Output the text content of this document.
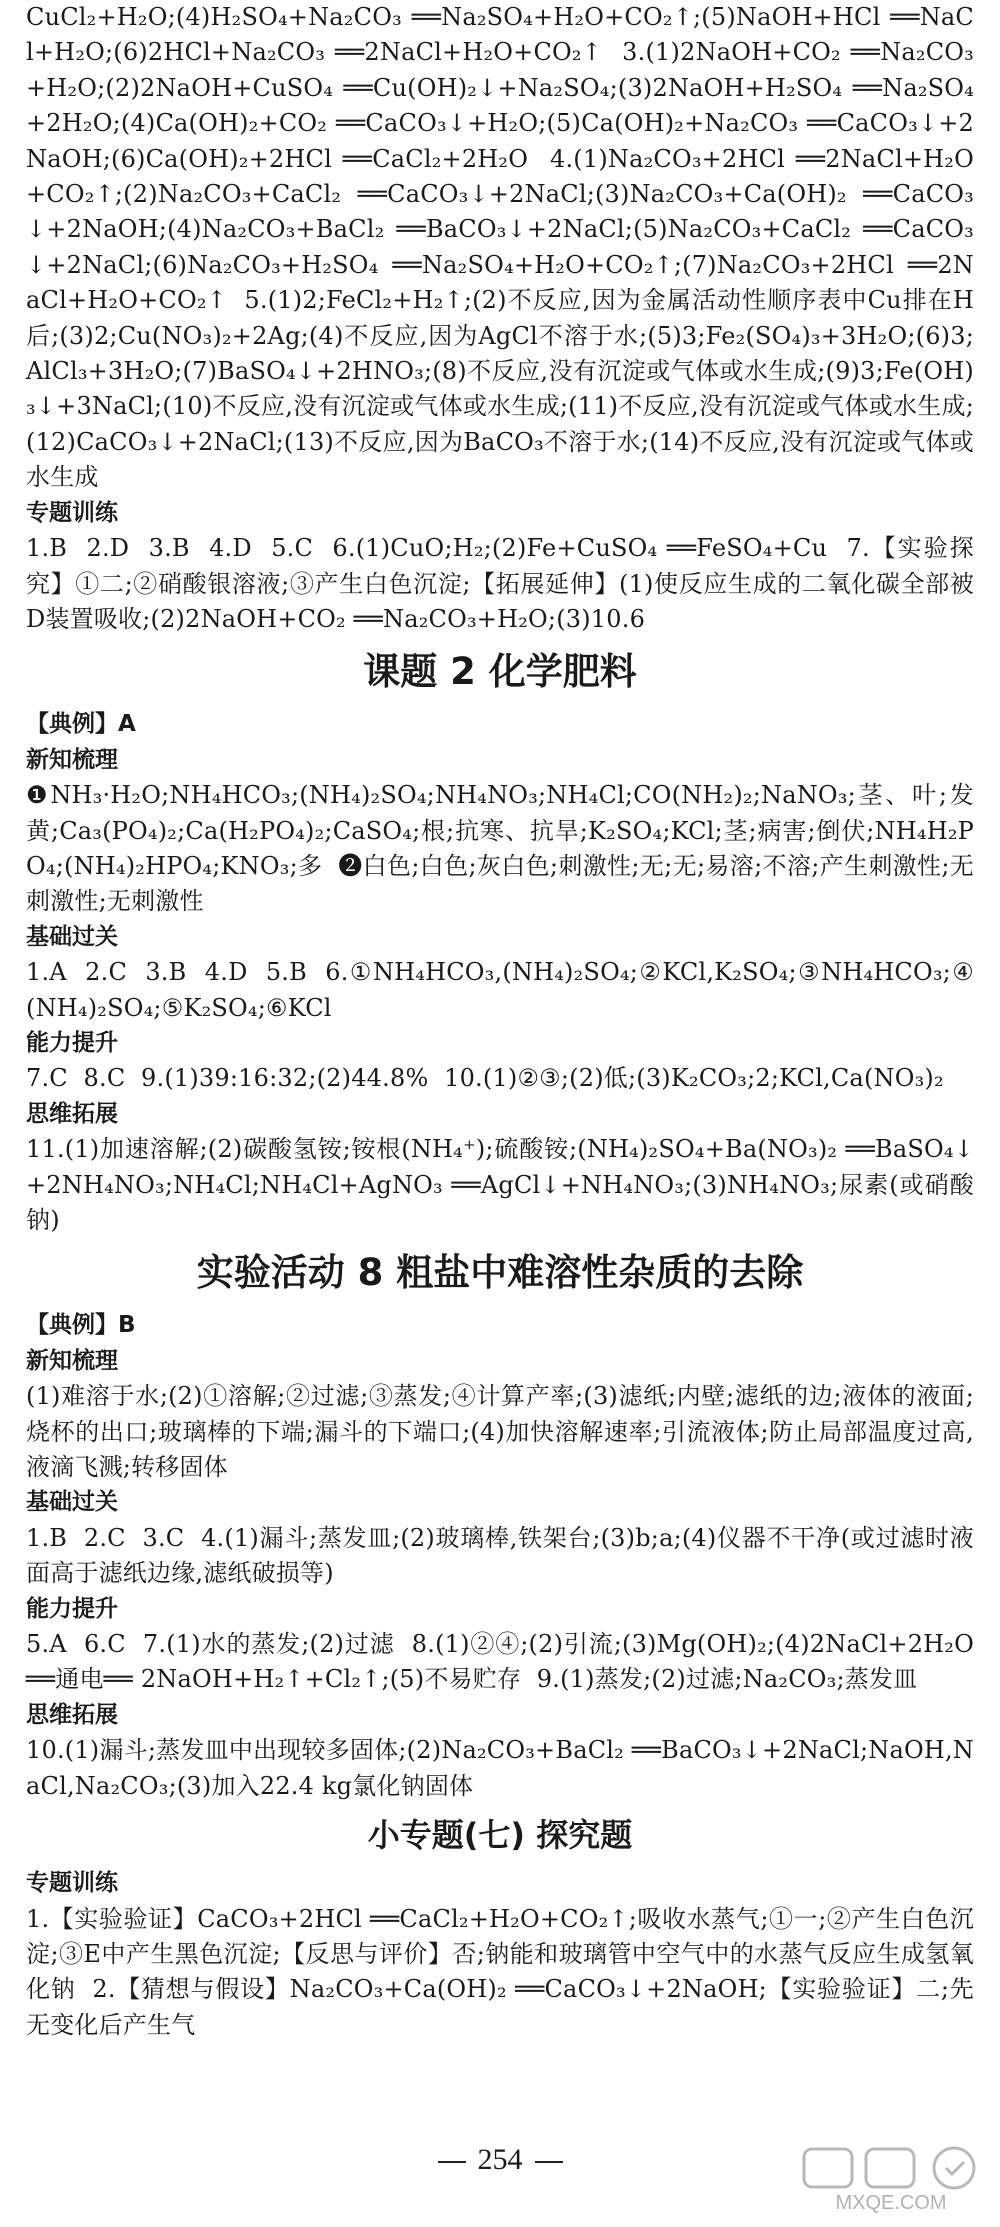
CuCl₂+H₂O;(4)H₂SO₄+Na₂CO₃ ══Na₂SO₄+H₂O+CO₂↑;(5)NaOH+HCl ══NaCl+H₂O;(6)2HCl+Na₂CO₃ ══2NaCl+H₂O+CO₂↑  3.(1)2NaOH+CO₂ ══Na₂CO₃+H₂O;(2)2NaOH+CuSO₄ ══Cu(OH)₂↓+Na₂SO₄;(3)2NaOH+H₂SO₄ ══Na₂SO₄+2H₂O;(4)Ca(OH)₂+CO₂ ══CaCO₃↓+H₂O;(5)Ca(OH)₂+Na₂CO₃ ══CaCO₃↓+2NaOH;(6)Ca(OH)₂+2HCl ══CaCl₂+2H₂O  4.(1)Na₂CO₃+2HCl ══2NaCl+H₂O+CO₂↑;(2)Na₂CO₃+CaCl₂ ══CaCO₃↓+2NaCl;(3)Na₂CO₃+Ca(OH)₂ ══CaCO₃↓+2NaOH;(4)Na₂CO₃+BaCl₂ ══BaCO₃↓+2NaCl;(5)Na₂CO₃+CaCl₂ ══CaCO₃↓+2NaCl;(6)Na₂CO₃+H₂SO₄ ══Na₂SO₄+H₂O+CO₂↑;(7)Na₂CO₃+2HCl ══2NaCl+H₂O+CO₂↑  5.(1)2;FeCl₂+H₂↑;(2)不反应,因为金属活动性顺序表中Cu排在H后;(3)2;Cu(NO₃)₂+2Ag;(4)不反应,因为AgCl不溶于水;(5)3;Fe₂(SO₄)₃+3H₂O;(6)3;AlCl₃+3H₂O;(7)BaSO₄↓+2HNO₃;(8)不反应,没有沉淀或气体或水生成;(9)3;Fe(OH)₃↓+3NaCl;(10)不反应,没有沉淀或气体或水生成;(11)不反应,没有沉淀或气体或水生成;(12)CaCO₃↓+2NaCl;(13)不反应,因为BaCO₃不溶于水;(14)不反应,没有沉淀或气体或水生成
专题训练
1.B  2.D  3.B  4.D  5.C  6.(1)CuO;H₂;(2)Fe+CuSO₄ ══FeSO₄+Cu  7.【实验探究】①二;②硝酸银溶液;③产生白色沉淀;【拓展延伸】(1)使反应生成的二氧化碳全部被D装置吸收;(2)2NaOH+CO₂ ══Na₂CO₃+H₂O;(3)10.6
课题 2 化学肥料
【典例】A
新知梳理
❶NH₃·H₂O;NH₄HCO₃;(NH₄)₂SO₄;NH₄NO₃;NH₄Cl;CO(NH₂)₂;NaNO₃;茎、叶;发黄;Ca₃(PO₄)₂;Ca(H₂PO₄)₂;CaSO₄;根;抗寒、抗旱;K₂SO₄;KCl;茎;病害;倒伏;NH₄H₂PO₄;(NH₄)₂HPO₄;KNO₃;多  ❷白色;白色;灰白色;刺激性;无;无;易溶;不溶;产生刺激性;无刺激性;无刺激性
基础过关
1.A  2.C  3.B  4.D  5.B  6.①NH₄HCO₃,(NH₄)₂SO₄;②KCl,K₂SO₄;③NH₄HCO₃;④(NH₄)₂SO₄;⑤K₂SO₄;⑥KCl
能力提升
7.C  8.C  9.(1)39:16:32;(2)44.8%  10.(1)②③;(2)低;(3)K₂CO₃;2;KCl,Ca(NO₃)₂
思维拓展
11.(1)加速溶解;(2)碳酸氢铵;铵根(NH₄⁺);硫酸铵;(NH₄)₂SO₄+Ba(NO₃)₂ ══BaSO₄↓+2NH₄NO₃;NH₄Cl;NH₄Cl+AgNO₃ ══AgCl↓+NH₄NO₃;(3)NH₄NO₃;尿素(或硝酸钠)
实验活动 8 粗盐中难溶性杂质的去除
【典例】B
新知梳理
(1)难溶于水;(2)①溶解;②过滤;③蒸发;④计算产率;(3)滤纸;内壁;滤纸的边;液体的液面;烧杯的出口;玻璃棒的下端;漏斗的下端口;(4)加快溶解速率;引流液体;防止局部温度过高,液滴飞溅;转移固体
基础过关
1.B  2.C  3.C  4.(1)漏斗;蒸发皿;(2)玻璃棒,铁架台;(3)b;a;(4)仪器不干净(或过滤时液面高于滤纸边缘,滤纸破损等)
能力提升
5.A  6.C  7.(1)水的蒸发;(2)过滤  8.(1)②④;(2)引流;(3)Mg(OH)₂;(4)2NaCl+2H₂O ══通电══ 2NaOH+H₂↑+Cl₂↑;(5)不易贮存  9.(1)蒸发;(2)过滤;Na₂CO₃;蒸发皿
思维拓展
10.(1)漏斗;蒸发皿中出现较多固体;(2)Na₂CO₃+BaCl₂ ══BaCO₃↓+2NaCl;NaOH,NaCl,Na₂CO₃;(3)加入22.4 kg氯化钠固体
小专题(七) 探究题
专题训练
1.【实验验证】CaCO₃+2HCl ══CaCl₂+H₂O+CO₂↑;吸收水蒸气;①一;②产生白色沉淀;③E中产生黑色沉淀;【反思与评价】否;钠能和玻璃管中空气中的水蒸气反应生成氢氧化钠  2.【猜想与假设】Na₂CO₃+Ca(OH)₂ ══CaCO₃↓+2NaOH;【实验验证】二;先无变化后产生气
254
MXQE.COM
